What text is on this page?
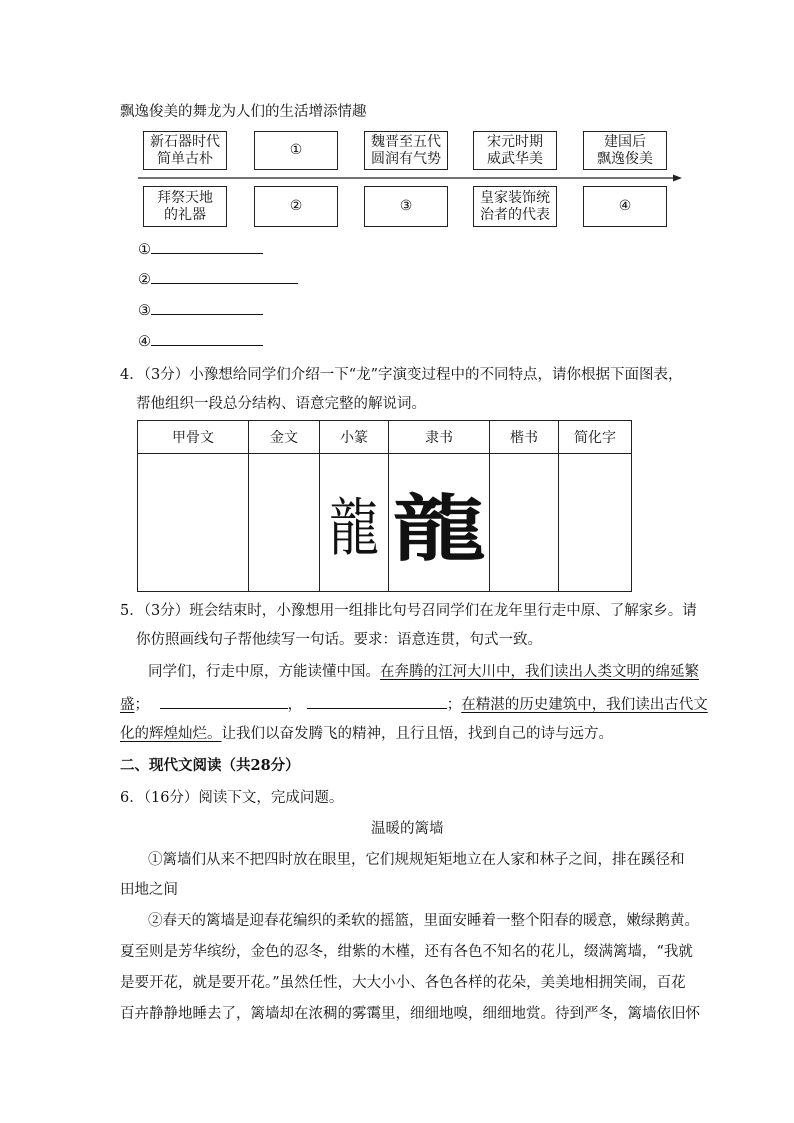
飘逸俊美的舞龙为人们的生活增添情趣
新石器时代
简单古朴
①
魏晋至五代
圆润有气势
宋元时期
威武华美
建国后
飘逸俊美
拜祭天地
的礼器
②	③
皇家装饰统
治者的代表
④
①
②
③
④
4．（3分）小豫想给同学们介绍一下“龙”字演变过程中的不同特点，请你根据下面图表，
帮他组织一段总分结构、语意完整的解说词。
甲骨文	金文	小篆	隶书	楷书	简化字
		龍	龍		
5．（3分）班会结束时，小豫想用一组排比句号召同学们在龙年里行走中原、了解家乡。请
你仿照画线句子帮他续写一句话。要求：语意连贯，句式一致。
同学们，行走中原，方能读懂中国。在奔腾的江河大川中，我们读出人类文明的绵延繁
盛；	，	；在精湛的历史建筑中，我们读出古代文
化的辉煌灿烂。让我们以奋发腾飞的精神，且行且悟，找到自己的诗与远方。
二、现代文阅读（共28分）
6．（16分）阅读下文，完成问题。
温暖的篱墙
①篱墙们从来不把四时放在眼里，它们规规矩矩地立在人家和林子之间，排在蹊径和
田地之间
②春天的篱墙是迎春花编织的柔软的摇篮，里面安睡着一整个阳春的暖意，嫩绿鹅黄。
夏至则是芳华缤纷，金色的忍冬，绀紫的木槿，还有各色不知名的花儿，缀满篱墙，“我就
是要开花，就是要开花。”虽然任性，大大小小、各色各样的花朵，美美地相拥笑闹，百花
百卉静静地睡去了，篱墙却在浓稠的雾霭里，细细地嗅，细细地赏。待到严冬，篱墙依旧怀
